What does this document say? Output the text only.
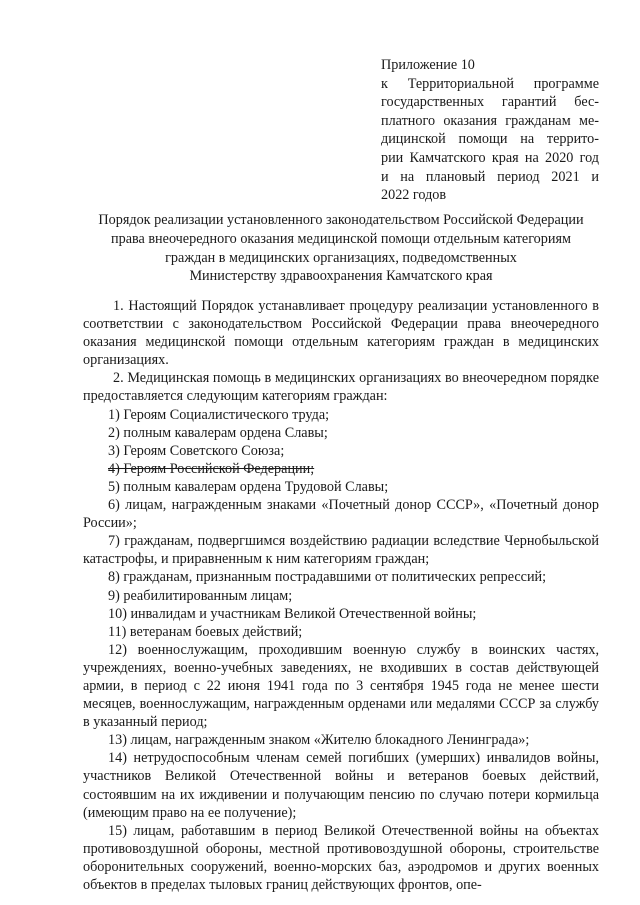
Приложение 10
к Территориальной программе
государственных гарантий бес-
платного оказания гражданам ме-
дицинской помощи на террито-
рии Камчатского края на 2020 год
и на плановый период 2021 и
2022 годов
Порядок реализации установленного законодательством Российской Федерации
права внеочередного оказания медицинской помощи отдельным категориям
граждан в медицинских организациях, подведомственных
Министерству здравоохранения Камчатского края

1. Настоящий Порядок устанавливает процедуру реализации установленного в соответствии с законодательством Российской Федерации права внеочередного оказания медицинской помощи отдельным категориям граждан в медицинских организациях.

2. Медицинская помощь в медицинских организациях во внеочередном порядке предоставляется следующим категориям граждан:

1) Героям Социалистического труда;

2) полным кавалерам ордена Славы;

3) Героям Советского Союза;

4) Героям Российской Федерации;

5) полным кавалерам ордена Трудовой Славы;

6) лицам, награжденным знаками «Почетный донор СССР», «Почетный донор России»;

7) гражданам, подвергшимся воздействию радиации вследствие Чернобыльской катастрофы, и приравненным к ним категориям граждан;

8) гражданам, признанным пострадавшими от политических репрессий;

9) реабилитированным лицам;

10) инвалидам и участникам Великой Отечественной войны;

11) ветеранам боевых действий;

12) военнослужащим, проходившим военную службу в воинских частях, учреждениях, военно-учебных заведениях, не входивших в состав действующей армии, в период с 22 июня 1941 года по 3 сентября 1945 года не менее шести месяцев, военнослужащим, награжденным орденами или медалями СССР за службу в указанный период;

13) лицам, награжденным знаком «Жителю блокадного Ленинграда»;

14) нетрудоспособным членам семей погибших (умерших) инвалидов войны, участников Великой Отечественной войны и ветеранов боевых действий, состоявшим на их иждивении и получающим пенсию по случаю потери кормильца (имеющим право на ее получение);

15) лицам, работавшим в период Великой Отечественной войны на объектах противовоздушной обороны, местной противовоздушной обороны, строительстве оборонительных сооружений, военно-морских баз, аэродромов и других военных объектов в пределах тыловых границ действующих фронтов, опе-
